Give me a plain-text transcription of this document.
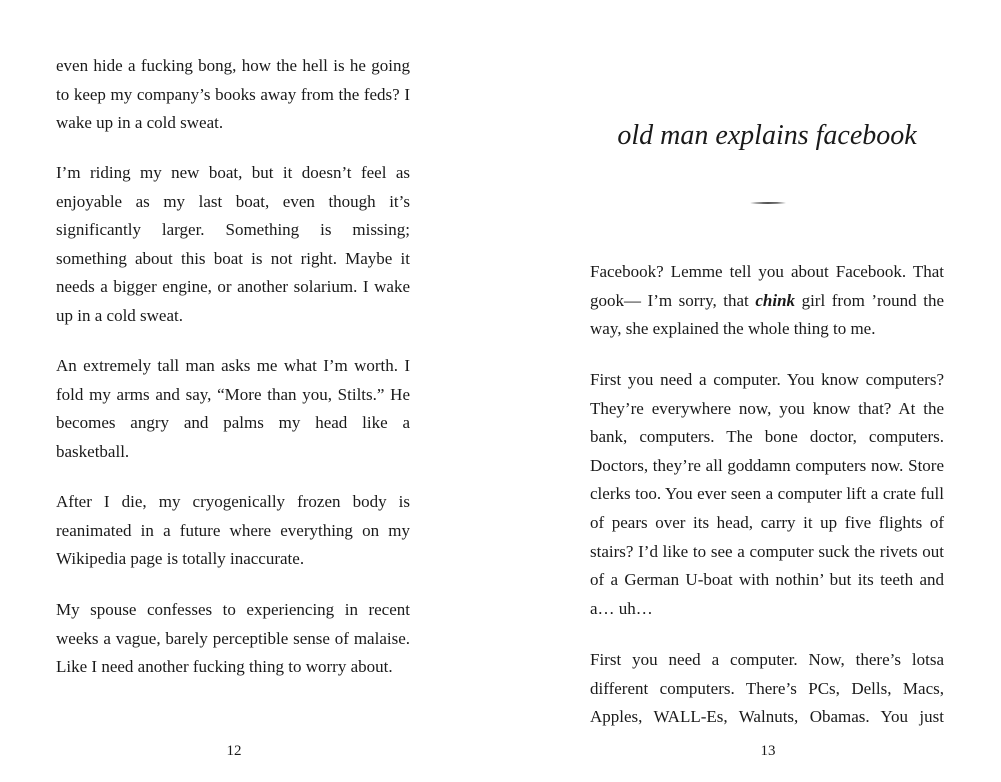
even hide a fucking bong, how the hell is he going to keep my company’s books away from the feds? I wake up in a cold sweat.

I’m riding my new boat, but it doesn’t feel as enjoyable as my last boat, even though it’s significantly larger. Something is missing; something about this boat is not right. Maybe it needs a bigger engine, or another solarium. I wake up in a cold sweat.

An extremely tall man asks me what I’m worth. I fold my arms and say, “More than you, Stilts.” He becomes angry and palms my head like a basketball.

After I die, my cryogenically frozen body is reanimated in a future where everything on my Wikipedia page is totally inaccurate.

My spouse confesses to experiencing in recent weeks a vague, barely perceptible sense of malaise. Like I need another fucking thing to worry about.

12
old man explains facebook

Facebook? Lemme tell you about Facebook. That gook— I’m sorry, that chink girl from ’round the way, she explained the whole thing to me.

First you need a computer. You know computers? They’re everywhere now, you know that? At the bank, computers. The bone doctor, computers. Doctors, they’re all goddamn computers now. Store clerks too. You ever seen a computer lift a crate full of pears over its head, carry it up five flights of stairs? I’d like to see a computer suck the rivets out of a German U-boat with nothin’ but its teeth and a… uh…

First you need a computer. Now, there’s lotsa different computers. There’s PCs, Dells, Macs, Apples, WALL-Es, Walnuts, Obamas. You just

13
